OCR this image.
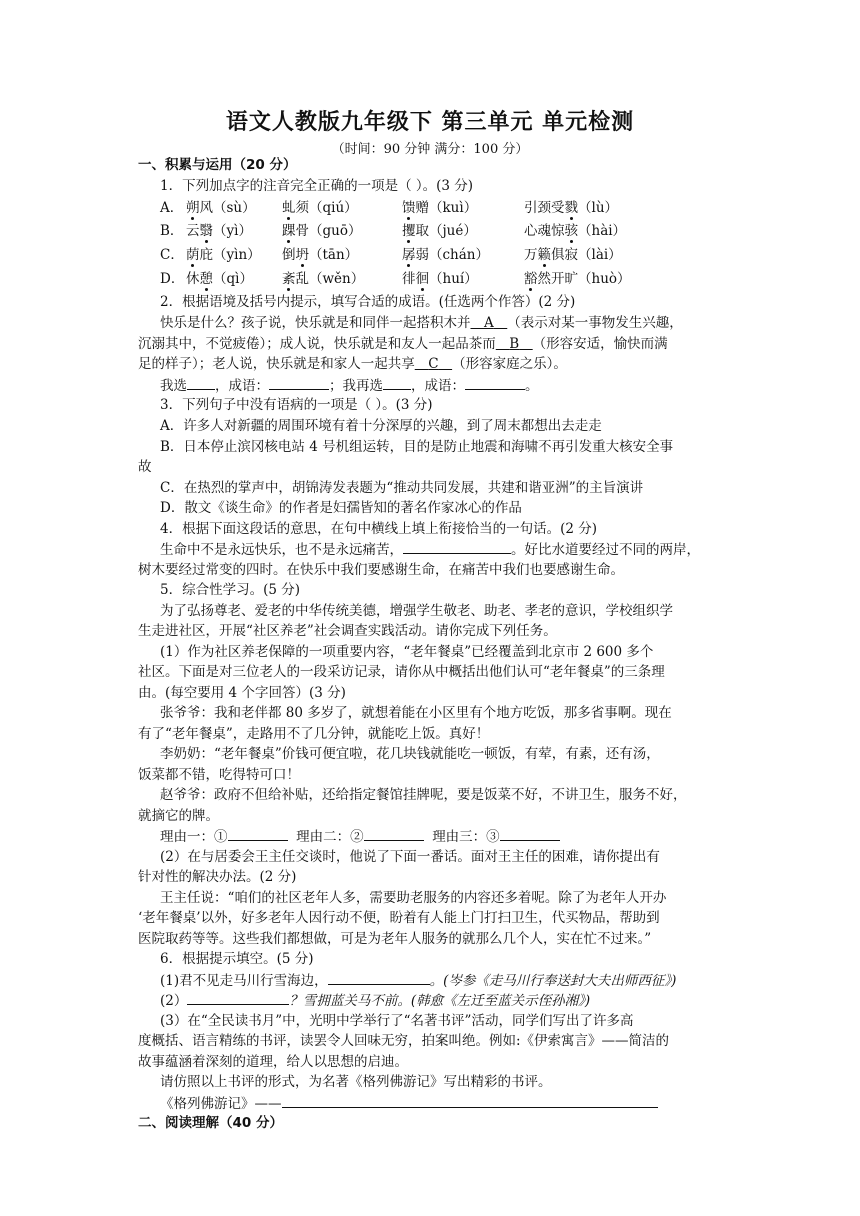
语文人教版九年级下 第三单元 单元检测
（时间：90 分钟 满分：100 分）
一、积累与运用（20 分）
1．下列加点字的注音完全正确的一项是（ ）。(3 分)
A． 朔风（sù） 虬须（qiú）	馈赠（kuì）	引颈受戮（lù）
B． 云翳（yì） 踝骨（guō）	攫取（jué）	心魂惊骇（hài）
C． 荫庇（yìn） 倒坍（tān）	孱弱（chán）	万籁俱寂（lài）
D． 休憩（qì） 紊乱（wěn）	徘徊（huí）	豁然开旷（huò）
2．根据语境及括号内提示，填写合适的成语。(任选两个作答）(2 分)
快乐是什么？孩子说，快乐就是和同伴一起搭积木并  A  （表示对某一事物发生兴趣，
沉溺其中，不觉疲倦）；成人说，快乐就是和友人一起品茶而  B  （形容安适，愉快而满
足的样子）；老人说，快乐就是和家人一起共享  C  （形容家庭之乐）。
我选 ，成语：	；我再选 ，成语：	。
3．下列句子中没有语病的一项是（ ）。(3 分)
A．许多人对新疆的周围环境有着十分深厚的兴趣，到了周末都想出去走走
B．日本停止滨冈核电站 4 号机组运转，目的是防止地震和海啸不再引发重大核安全事
故
C．在热烈的掌声中，胡锦涛发表题为“推动共同发展，共建和谐亚洲”的主旨演讲
D．散文《谈生命》的作者是妇孺皆知的著名作家冰心的作品
4．根据下面这段话的意思，在句中横线上填上衔接恰当的一句话。(2 分)
生命中不是永远快乐，也不是永远痛苦，	。好比水道要经过不同的两岸，
树木要经过常变的四时。在快乐中我们要感谢生命，在痛苦中我们也要感谢生命。
5．综合性学习。(5 分)
为了弘扬尊老、爱老的中华传统美德，增强学生敬老、助老、孝老的意识，学校组织学
生走进社区，开展“社区养老”社会调查实践活动。请你完成下列任务。
(1）作为社区养老保障的一项重要内容，“老年餐桌”已经覆盖到北京市 2 600 多个
社区。下面是对三位老人的一段采访记录，请你从中概括出他们认可“老年餐桌”的三条理
由。(每空要用 4 个字回答）(3 分)
张爷爷：我和老伴都 80 多岁了，就想着能在小区里有个地方吃饭，那多省事啊。现在
有了“老年餐桌”，走路用不了几分钟，就能吃上饭。真好！
李奶奶：“老年餐桌”价钱可便宜啦，花几块钱就能吃一顿饭，有荤，有素，还有汤，
饭菜都不错，吃得特可口！
赵爷爷：政府不但给补贴，还给指定餐馆挂牌呢，要是饭菜不好，不讲卫生，服务不好，
就摘它的牌。
理由一：①	理由二：②	理由三：③
(2）在与居委会王主任交谈时，他说了下面一番话。面对王主任的困难，请你提出有
针对性的解决办法。(2 分)
王主任说：“咱们的社区老年人多，需要助老服务的内容还多着呢。除了为老年人开办
‘老年餐桌’以外，好多老年人因行动不便，盼着有人能上门打扫卫生，代买物品，帮助到
医院取药等等。这些我们都想做，可是为老年人服务的就那么几个人，实在忙不过来。”
6．根据提示填空。(5 分)
(1)君不见走马川行雪海边，	。(岑参《走马川行奉送封大夫出师西征》)
(2）	？雪拥蓝关马不前。(韩愈《左迁至蓝关示侄孙湘》)
(3）在“全民读书月”中，光明中学举行了“名著书评”活动，同学们写出了许多高
度概括、语言精练的书评，读罢令人回味无穷，拍案叫绝。例如:《伊索寓言》——简洁的
故事蕴涵着深刻的道理，给人以思想的启迪。
请仿照以上书评的形式，为名著《格列佛游记》写出精彩的书评。
《格列佛游记》——
二、阅读理解（40 分）
